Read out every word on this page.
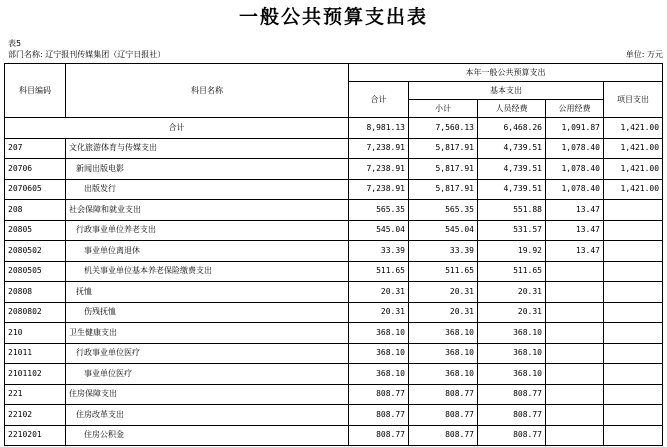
一般公共预算支出表
表5
部门名称: 辽宁报刊传媒集团（辽宁日报社）	单位: 万元
科目编码	科目名称	本年一般公共预算支出				
		合计	基本支出			项目支出
			小计	人员经费	公用经费	
合计		8,981.13	7,560.13	6,468.26	1,091.87	1,421.00
207	文化旅游体育与传媒支出	7,238.91	5,817.91	4,739.51	1,078.40	1,421.00
20706	新闻出版电影	7,238.91	5,817.91	4,739.51	1,078.40	1,421.00
2070605	出版发行	7,238.91	5,817.91	4,739.51	1,078.40	1,421.00
208	社会保障和就业支出	565.35	565.35	551.88	13.47	
20805	行政事业单位养老支出	545.04	545.04	531.57	13.47	
2080502	事业单位离退休	33.39	33.39	19.92	13.47	
2080505	机关事业单位基本养老保险缴费支出	511.65	511.65	511.65		
20808	抚恤	20.31	20.31	20.31		
2080802	伤残抚恤	20.31	20.31	20.31		
210	卫生健康支出	368.10	368.10	368.10		
21011	行政事业单位医疗	368.10	368.10	368.10		
2101102	事业单位医疗	368.10	368.10	368.10		
221	住房保障支出	808.77	808.77	808.77		
22102	住房改革支出	808.77	808.77	808.77		
2210201	住房公积金	808.77	808.77	808.77		
